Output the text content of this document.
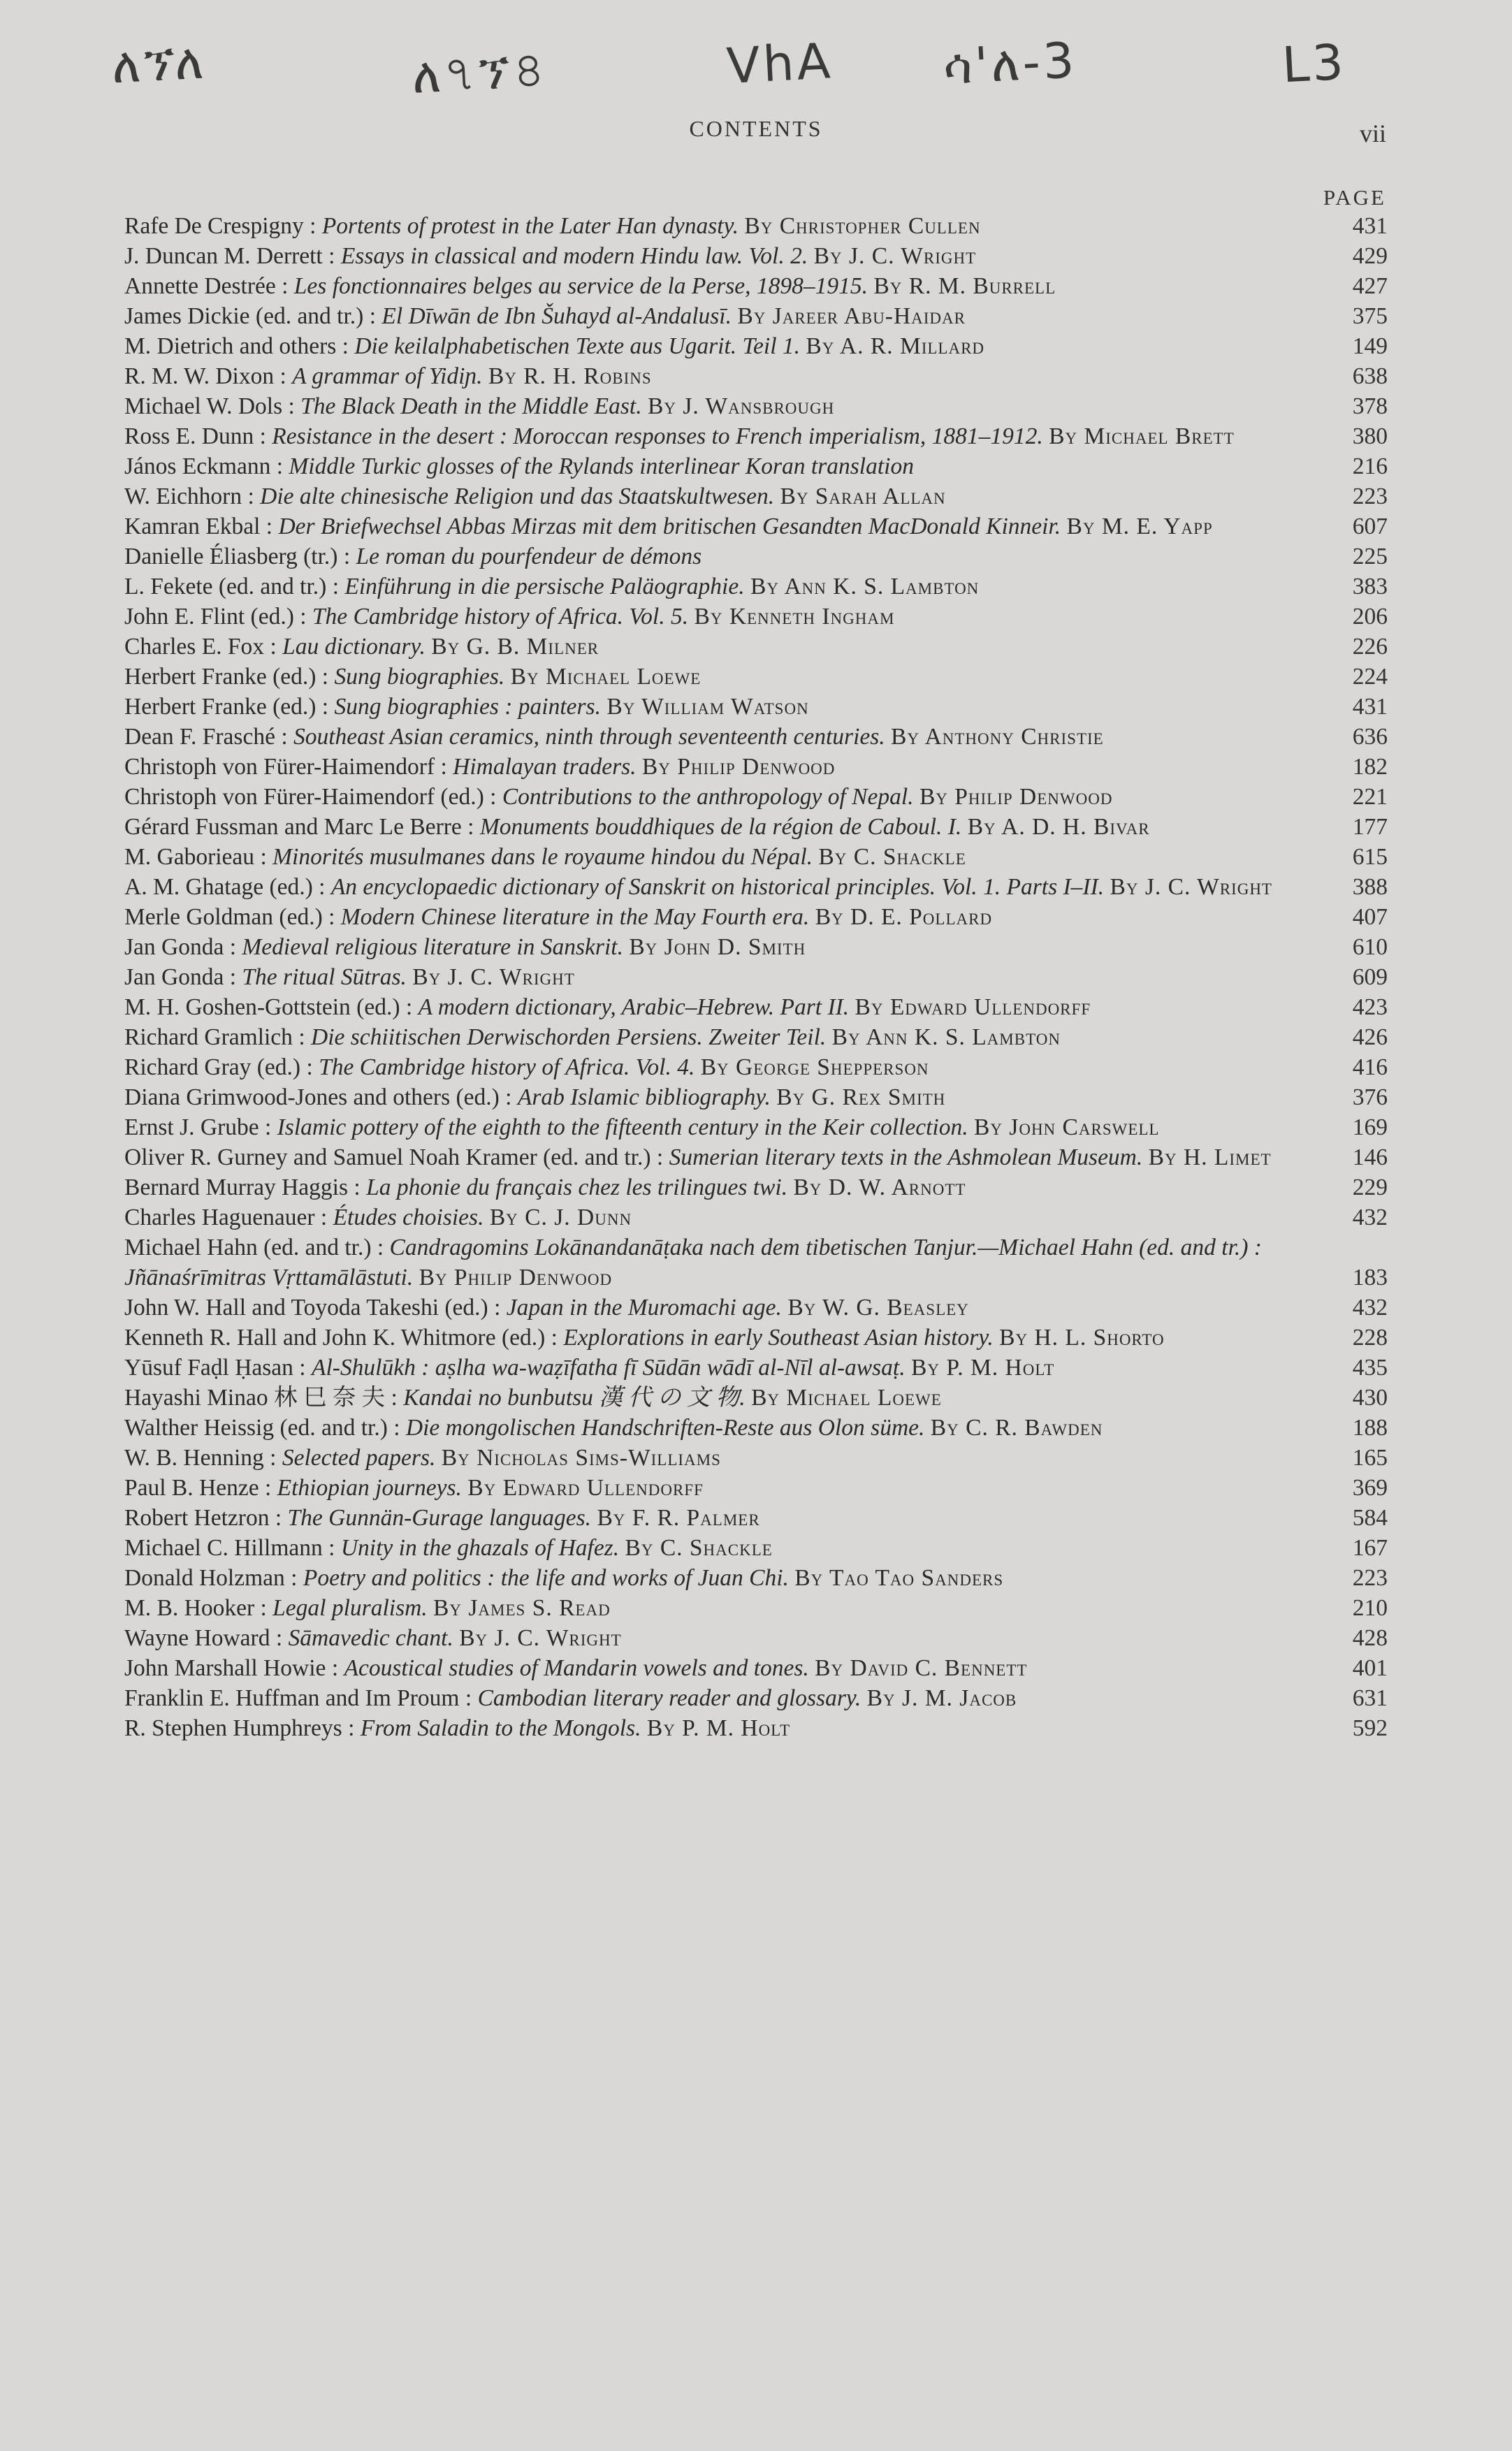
ለኘለ	ለ৭ኘ৪	VhA ሳ'ለ-3	L3
CONTENTS	vii
PAGE
Rafe De Crespigny : Portents of protest in the Later Han dynasty. By Christopher Cullen	431
J. Duncan M. Derrett : Essays in classical and modern Hindu law. Vol. 2. By J. C. Wright	429
Annette Destrée : Les fonctionnaires belges au service de la Perse, 1898–1915. By R. M. Burrell	427
James Dickie (ed. and tr.) : El Dīwān de Ibn Šuhayd al-Andalusī. By Jareer Abu-Haidar	375
M. Dietrich and others : Die keilalphabetischen Texte aus Ugarit. Teil 1. By A. R. Millard	149
R. M. W. Dixon : A grammar of Yidiɲ. By R. H. Robins	638
Michael W. Dols : The Black Death in the Middle East. By J. Wansbrough	378
Ross E. Dunn : Resistance in the desert : Moroccan responses to French imperialism, 1881–1912. By Michael Brett	380
János Eckmann : Middle Turkic glosses of the Rylands interlinear Koran translation	216
W. Eichhorn : Die alte chinesische Religion und das Staatskultwesen. By Sarah Allan	223
Kamran Ekbal : Der Briefwechsel Abbas Mirzas mit dem britischen Gesandten MacDonald Kinneir. By M. E. Yapp	607
Danielle Éliasberg (tr.) : Le roman du pourfendeur de démons	225
L. Fekete (ed. and tr.) : Einführung in die persische Paläographie. By Ann K. S. Lambton	383
John E. Flint (ed.) : The Cambridge history of Africa. Vol. 5. By Kenneth Ingham	206
Charles E. Fox : Lau dictionary. By G. B. Milner	226
Herbert Franke (ed.) : Sung biographies. By Michael Loewe	224
Herbert Franke (ed.) : Sung biographies : painters. By William Watson	431
Dean F. Frasché : Southeast Asian ceramics, ninth through seventeenth centuries. By Anthony Christie	636
Christoph von Fürer-Haimendorf : Himalayan traders. By Philip Denwood	182
Christoph von Fürer-Haimendorf (ed.) : Contributions to the anthropology of Nepal. By Philip Denwood	221
Gérard Fussman and Marc Le Berre : Monuments bouddhiques de la région de Caboul. I. By A. D. H. Bivar	177
M. Gaborieau : Minorités musulmanes dans le royaume hindou du Népal. By C. Shackle	615
A. M. Ghatage (ed.) : An encyclopaedic dictionary of Sanskrit on historical principles. Vol. 1. Parts I–II. By J. C. Wright	388
Merle Goldman (ed.) : Modern Chinese literature in the May Fourth era. By D. E. Pollard	407
Jan Gonda : Medieval religious literature in Sanskrit. By John D. Smith	610
Jan Gonda : The ritual Sūtras. By J. C. Wright	609
M. H. Goshen-Gottstein (ed.) : A modern dictionary, Arabic–Hebrew. Part II. By Edward Ullendorff	423
Richard Gramlich : Die schiitischen Derwischorden Persiens. Zweiter Teil. By Ann K. S. Lambton	426
Richard Gray (ed.) : The Cambridge history of Africa. Vol. 4. By George Shepperson	416
Diana Grimwood-Jones and others (ed.) : Arab Islamic bibliography. By G. Rex Smith	376
Ernst J. Grube : Islamic pottery of the eighth to the fifteenth century in the Keir collection. By John Carswell	169
Oliver R. Gurney and Samuel Noah Kramer (ed. and tr.) : Sumerian literary texts in the Ashmolean Museum. By H. Limet	146
Bernard Murray Haggis : La phonie du français chez les trilingues twi. By D. W. Arnott	229
Charles Haguenauer : Études choisies. By C. J. Dunn	432
Michael Hahn (ed. and tr.) : Candragomins Lokānandanāṭaka nach dem tibetischen Tanjur.—Michael Hahn (ed. and tr.) : Jñānaśrīmitras Vṛttamālāstuti. By Philip Denwood	183
John W. Hall and Toyoda Takeshi (ed.) : Japan in the Muromachi age. By W. G. Beasley	432
Kenneth R. Hall and John K. Whitmore (ed.) : Explorations in early Southeast Asian history. By H. L. Shorto	228
Yūsuf Faḍl Ḥasan : Al-Shulūkh : aṣlha wa-waẓīfatha fī Sūdān wādī al-Nīl al-awsaṭ. By P. M. Holt	435
Hayashi Minao 林 巳 奈 夫 : Kandai no bunbutsu 漢 代 の 文 物. By Michael Loewe	430
Walther Heissig (ed. and tr.) : Die mongolischen Handschriften-Reste aus Olon süme. By C. R. Bawden	188
W. B. Henning : Selected papers. By Nicholas Sims-Williams	165
Paul B. Henze : Ethiopian journeys. By Edward Ullendorff	369
Robert Hetzron : The Gunnän-Gurage languages. By F. R. Palmer	584
Michael C. Hillmann : Unity in the ghazals of Hafez. By C. Shackle	167
Donald Holzman : Poetry and politics : the life and works of Juan Chi. By Tao Tao Sanders	223
M. B. Hooker : Legal pluralism. By James S. Read	210
Wayne Howard : Sāmavedic chant. By J. C. Wright	428
John Marshall Howie : Acoustical studies of Mandarin vowels and tones. By David C. Bennett	401
Franklin E. Huffman and Im Proum : Cambodian literary reader and glossary. By J. M. Jacob	631
R. Stephen Humphreys : From Saladin to the Mongols. By P. M. Holt	592
